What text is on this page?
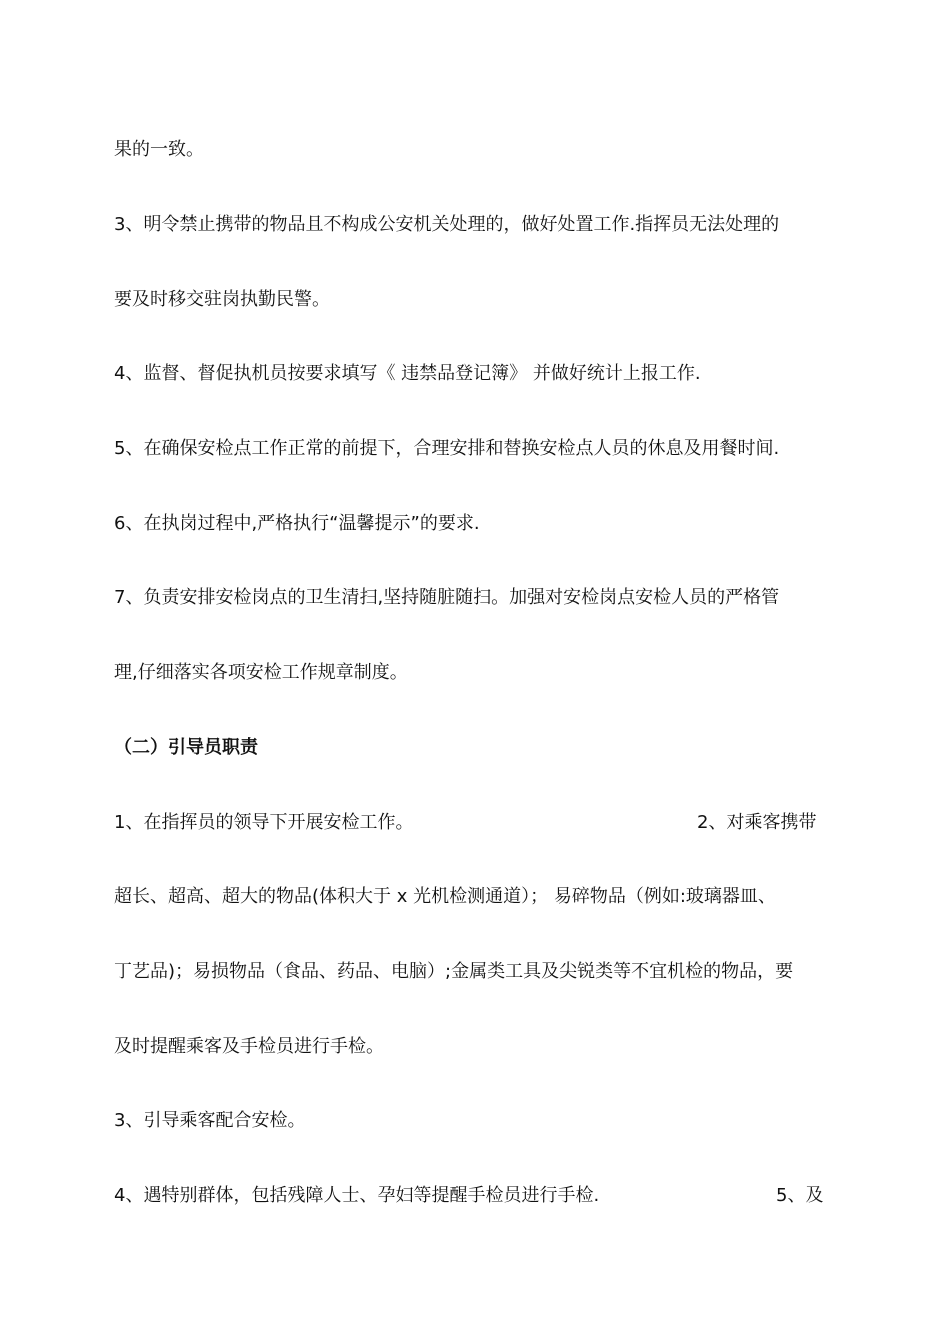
果的一致。
3、明令禁止携带的物品且不构成公安机关处理的，做好处置工作.指挥员无法处理的
要及时移交驻岗执勤民警。
4、监督、督促执机员按要求填写《 违禁品登记簿》 并做好统计上报工作.
5、在确保安检点工作正常的前提下，合理安排和替换安检点人员的休息及用餐时间.
6、在执岗过程中,严格执行“温馨提示”的要求.
7、负责安排安检岗点的卫生清扫,坚持随脏随扫。加强对安检岗点安检人员的严格管
理,仔细落实各项安检工作规章制度。
（二）引导员职责
1、在指挥员的领导下开展安检工作。	2、对乘客携带
超长、超高、超大的物品(体积大于 x 光机检测通道）； 易碎物品（例如:玻璃器皿、
丁艺品)；易损物品（食品、药品、电脑）;金属类工具及尖锐类等不宜机检的物品，要
及时提醒乘客及手检员进行手检。
3、引导乘客配合安检。
4、遇特别群体，包括残障人士、孕妇等提醒手检员进行手检.	5、及
